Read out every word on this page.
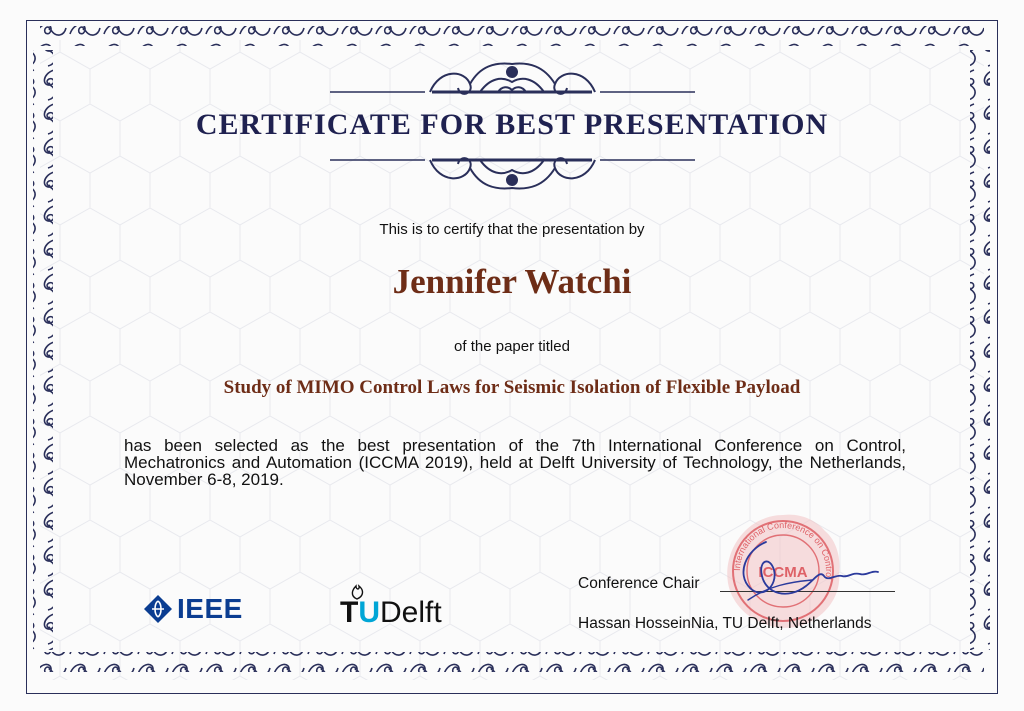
CERTIFICATE FOR BEST PRESENTATION
This is to certify that the presentation by
Jennifer Watchi
of the paper titled
Study of MIMO Control Laws for Seismic Isolation of Flexible Payload
has been selected as the best presentation of the 7th International Conference on Control, Mechatronics and Automation (ICCMA 2019), held at Delft University of Technology, the Netherlands, November 6-8, 2019.
IEEE	T U Delft
International Conference on Control
ICCMA
Conference Chair
Hassan HosseinNia, TU Delft, Netherlands
